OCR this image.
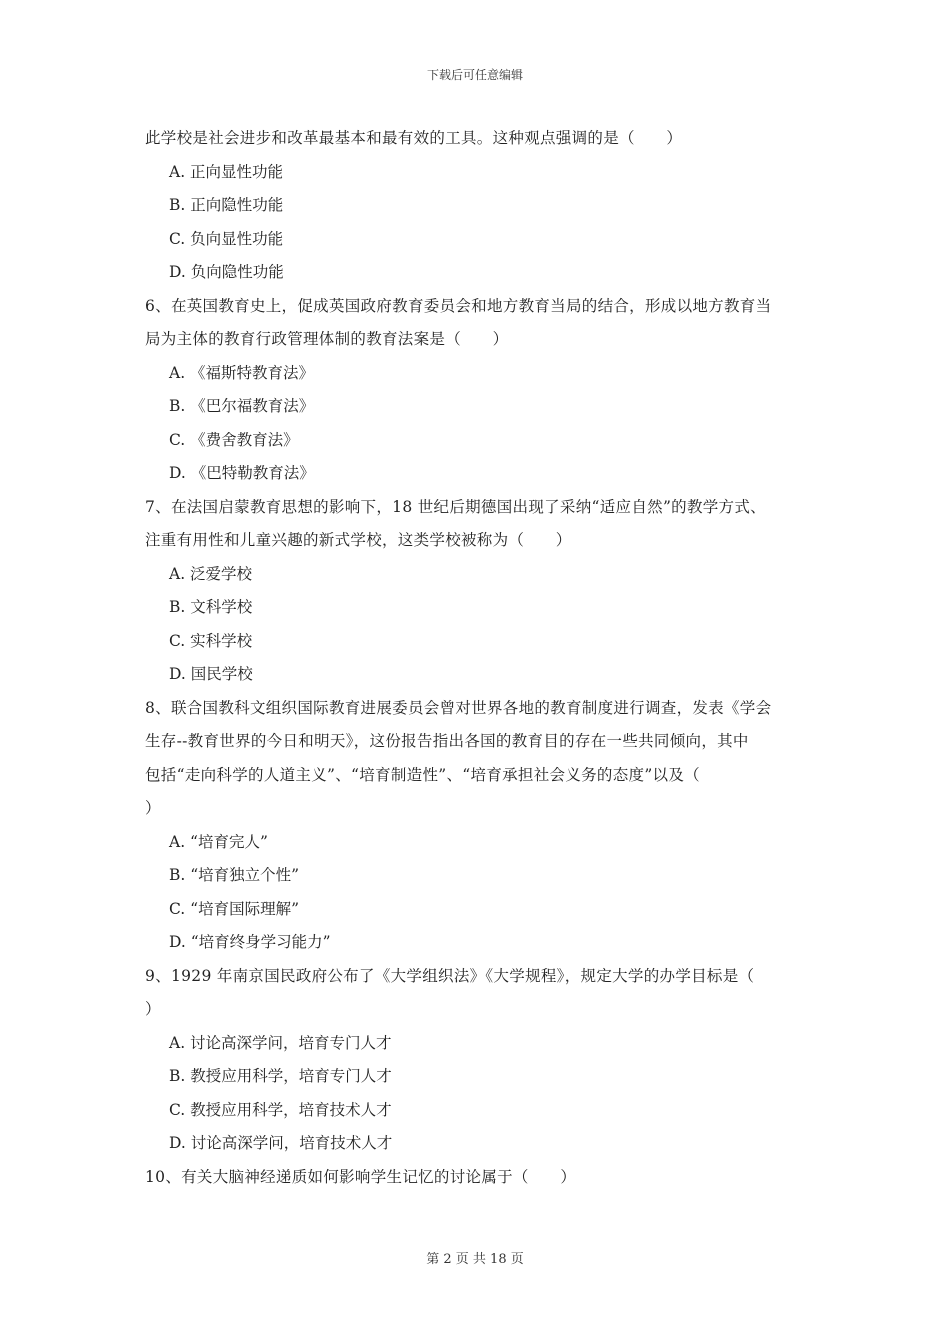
下载后可任意编辑
此学校是社会进步和改革最基本和最有效的工具。这种观点强调的是（　　）
A. 正向显性功能
B. 正向隐性功能
C. 负向显性功能
D. 负向隐性功能
6、在英国教育史上，促成英国政府教育委员会和地方教育当局的结合，形成以地方教育当
局为主体的教育行政管理体制的教育法案是（　　）
A. 《福斯特教育法》
B. 《巴尔福教育法》
C. 《费舍教育法》
D. 《巴特勒教育法》
7、在法国启蒙教育思想的影响下，18 世纪后期德国出现了采纳“适应自然”的教学方式、
注重有用性和儿童兴趣的新式学校，这类学校被称为（　　）
A. 泛爱学校
B. 文科学校
C. 实科学校
D. 国民学校
8、联合国教科文组织国际教育进展委员会曾对世界各地的教育制度进行调查，发表《学会
生存--教育世界的今日和明天》，这份报告指出各国的教育目的存在一些共同倾向，其中
包括“走向科学的人道主义”、“培育制造性”、“培育承担社会义务的态度”以及（
）
A. “培育完人”
B. “培育独立个性”
C. “培育国际理解”
D. “培育终身学习能力”
9、1929 年南京国民政府公布了《大学组织法》《大学规程》，规定大学的办学目标是（
）
A. 讨论高深学问，培育专门人才
B. 教授应用科学，培育专门人才
C. 教授应用科学，培育技术人才
D. 讨论高深学问，培育技术人才
10、有关大脑神经递质如何影响学生记忆的讨论属于（　　）
第 2 页 共 18 页
